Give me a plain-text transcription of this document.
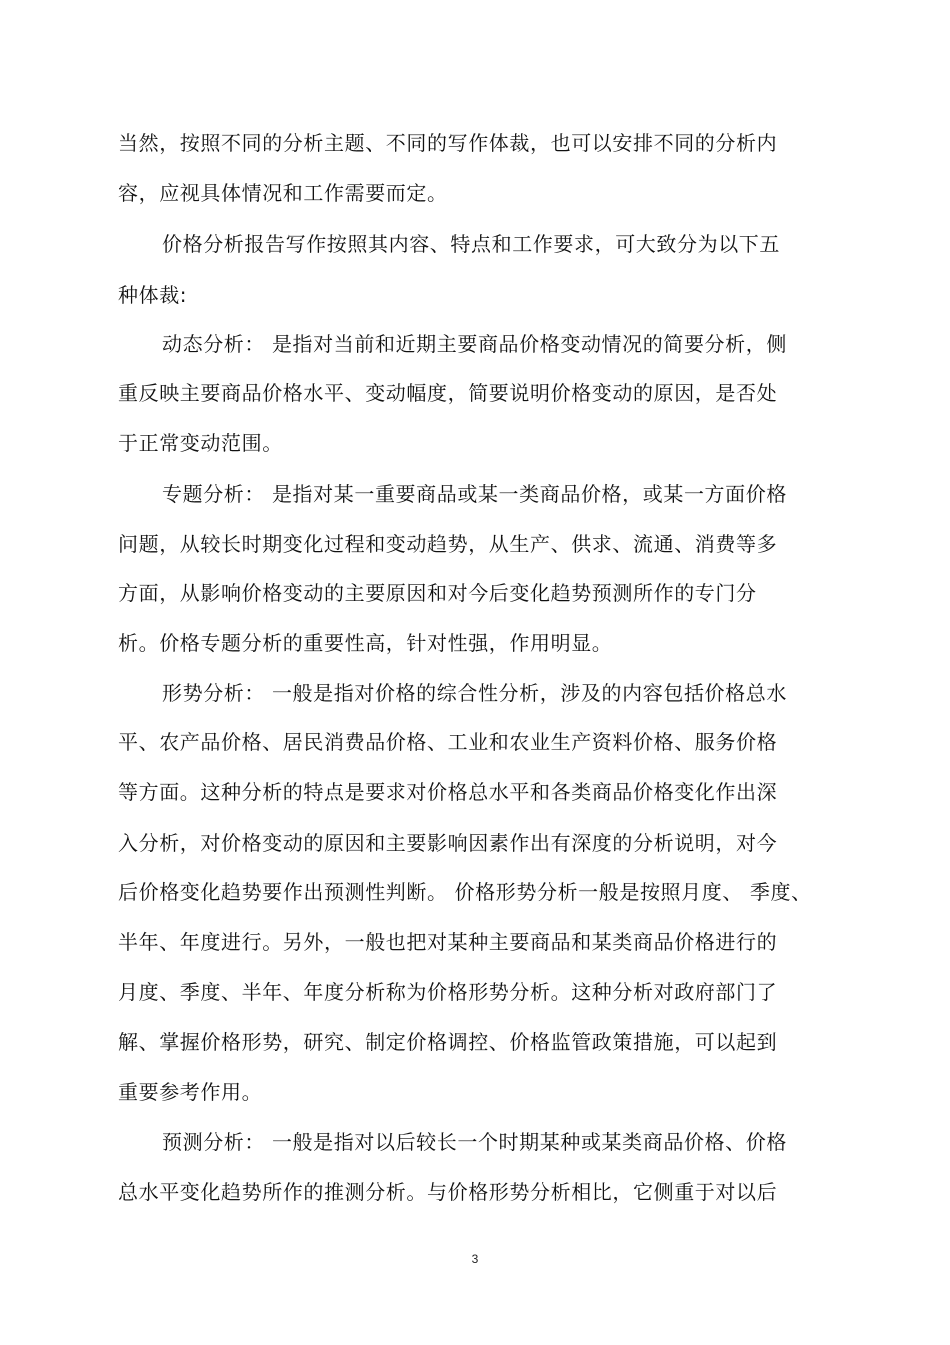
当然，按照不同的分析主题、不同的写作体裁，也可以安排不同的分析内
容，应视具体情况和工作需要而定。
价格分析报告写作按照其内容、特点和工作要求，可大致分为以下五
种体裁:
动态分析： 是指对当前和近期主要商品价格变动情况的简要分析，侧
重反映主要商品价格水平、变动幅度，简要说明价格变动的原因，是否处
于正常变动范围。
专题分析： 是指对某一重要商品或某一类商品价格，或某一方面价格
问题，从较长时期变化过程和变动趋势，从生产、供求、流通、消费等多
方面，从影响价格变动的主要原因和对今后变化趋势预测所作的专门分
析。价格专题分析的重要性高，针对性强，作用明显。
形势分析： 一般是指对价格的综合性分析，涉及的内容包括价格总水
平、农产品价格、居民消费品价格、工业和农业生产资料价格、服务价格
等方面。这种分析的特点是要求对价格总水平和各类商品价格变化作出深
入分析，对价格变动的原因和主要影响因素作出有深度的分析说明，对今
后价格变化趋势要作出预测性判断。 价格形势分析一般是按照月度、 季度、
半年、年度进行。另外，一般也把对某种主要商品和某类商品价格进行的
月度、季度、半年、年度分析称为价格形势分析。这种分析对政府部门了
解、掌握价格形势，研究、制定价格调控、价格监管政策措施，可以起到
重要参考作用。
预测分析： 一般是指对以后较长一个时期某种或某类商品价格、价格
总水平变化趋势所作的推测分析。与价格形势分析相比，它侧重于对以后
3
